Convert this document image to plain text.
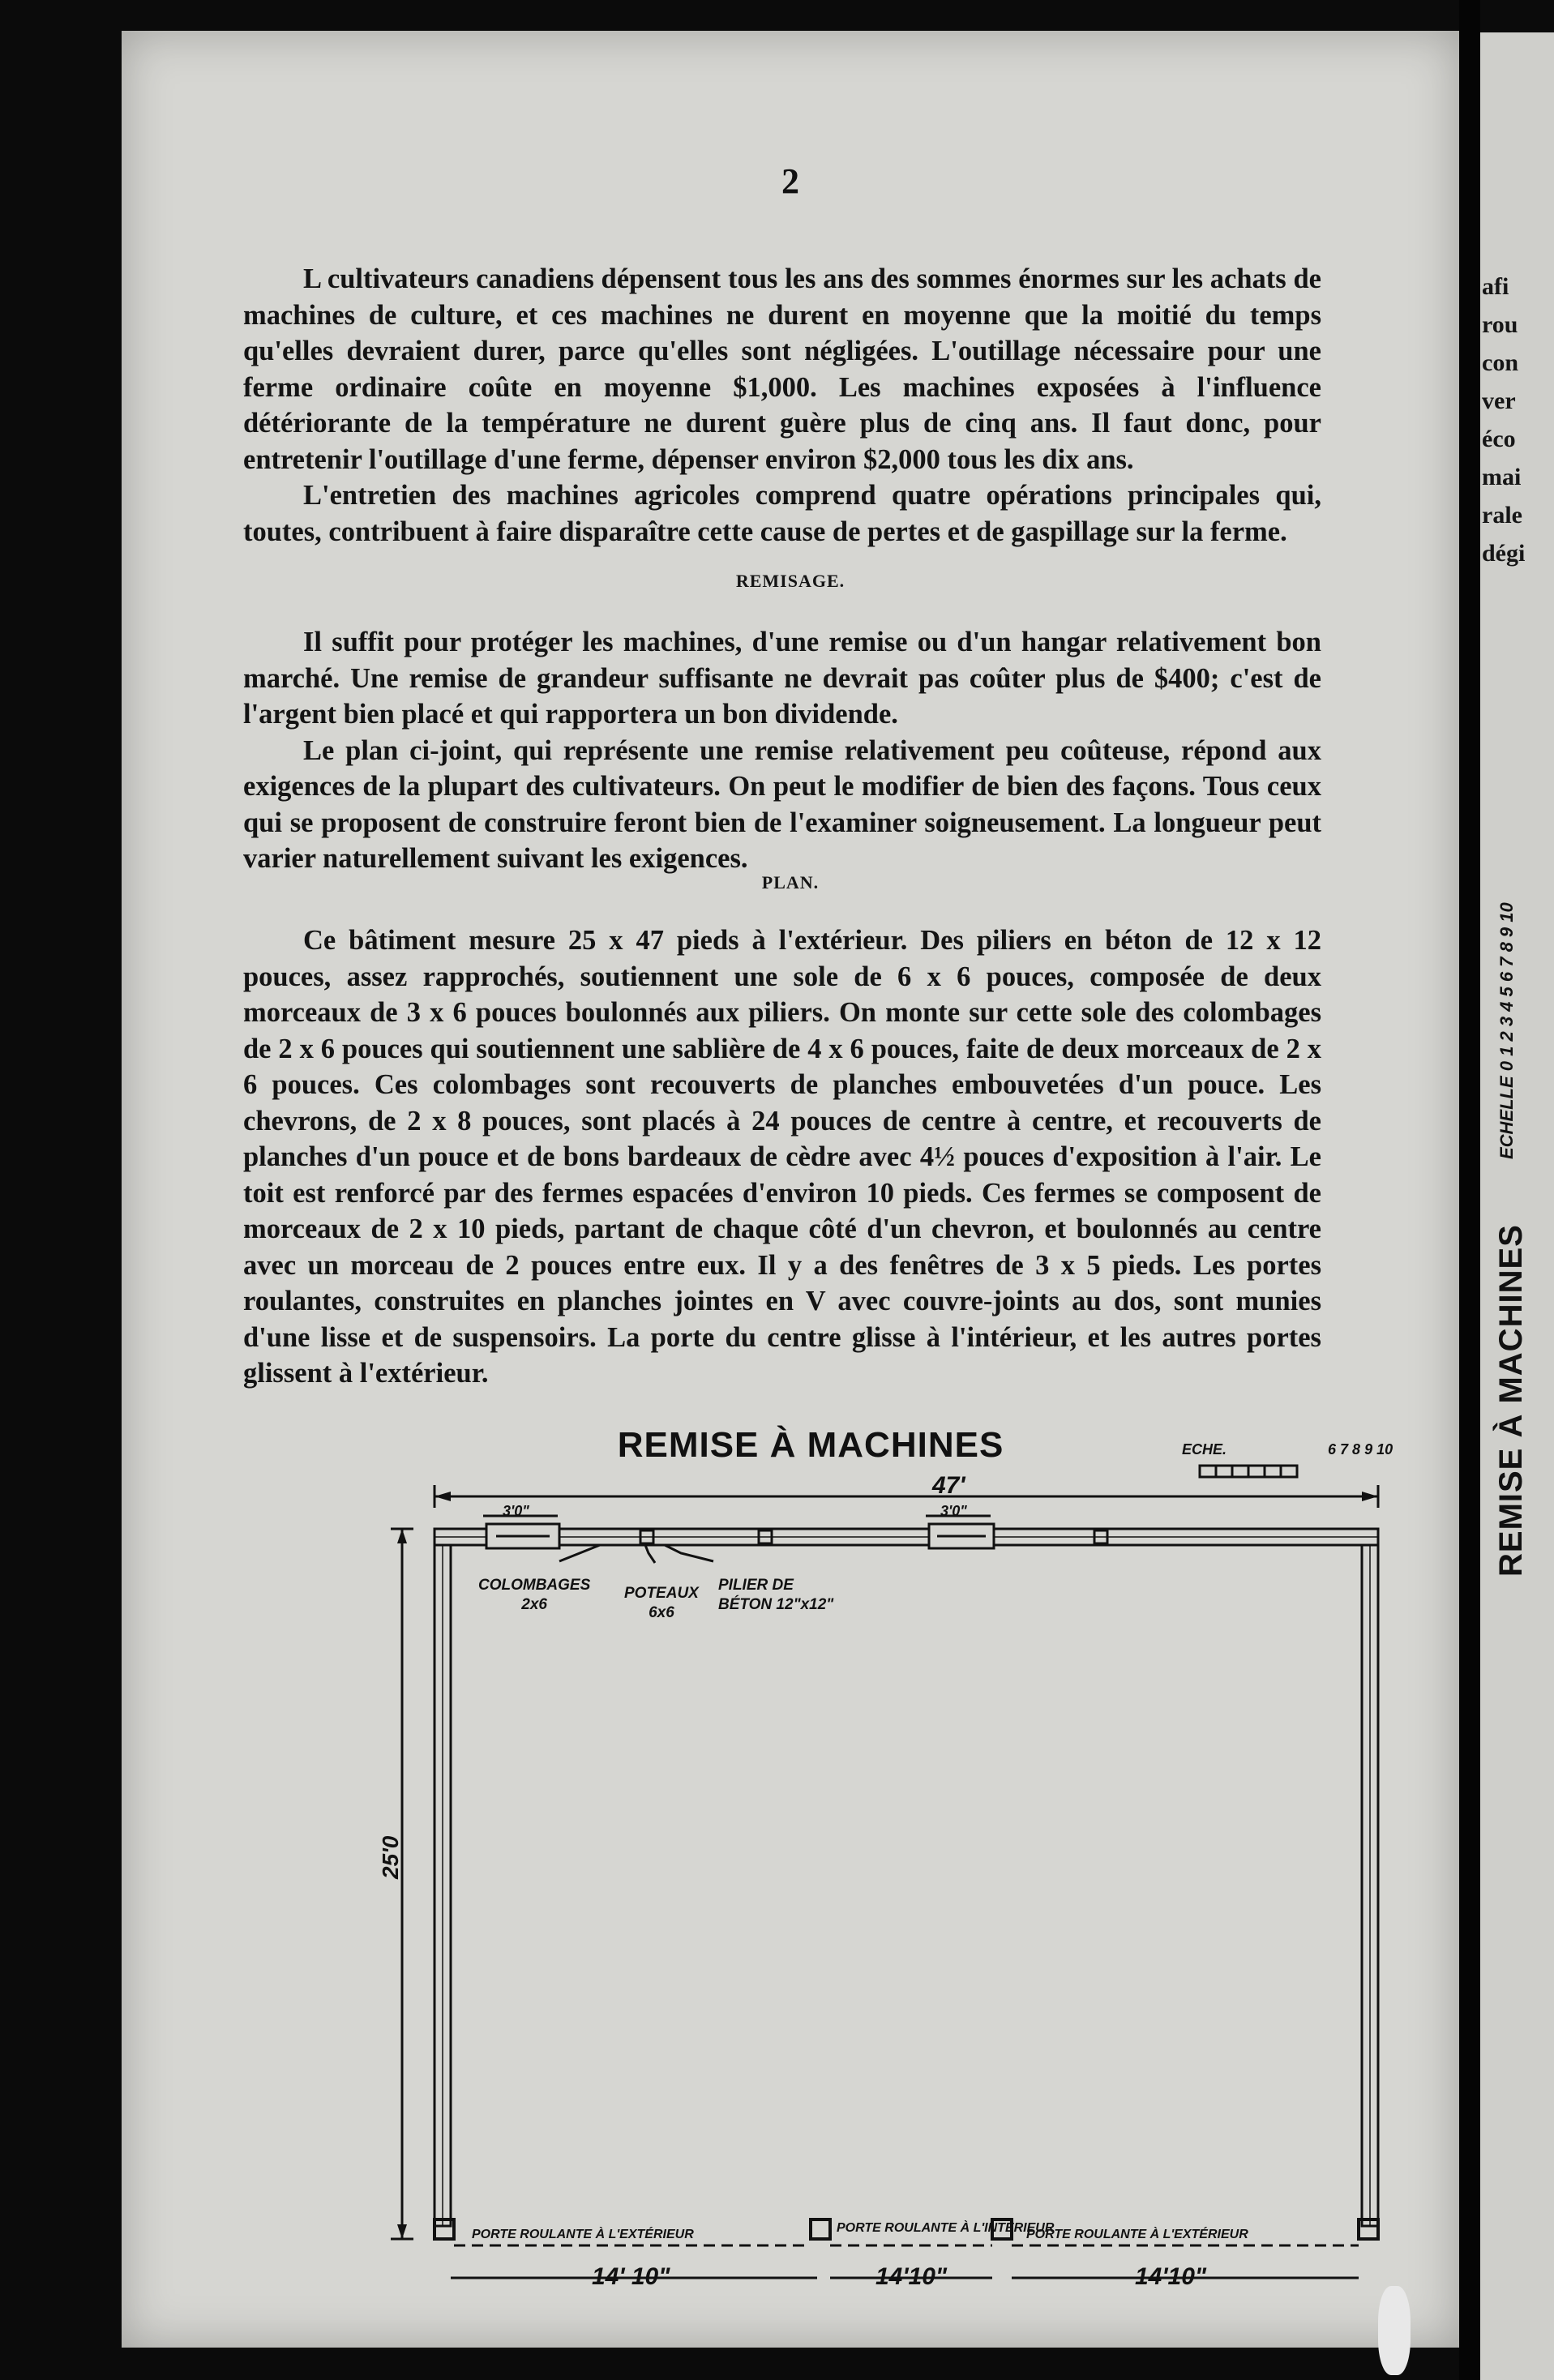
2

L cultivateurs canadiens dépensent tous les ans des sommes énormes sur les achats de machines de culture, et ces machines ne durent en moyenne que la moitié du temps qu'elles devraient durer, parce qu'elles sont négligées. L'outillage nécessaire pour une ferme ordinaire coûte en moyenne $1,000. Les machines exposées à l'influence détériorante de la température ne durent guère plus de cinq ans. Il faut donc, pour entretenir l'outillage d'une ferme, dépenser environ $2,000 tous les dix ans.

L'entretien des machines agricoles comprend quatre opérations principales qui, toutes, contribuent à faire disparaître cette cause de pertes et de gaspillage sur la ferme.

REMISAGE.

Il suffit pour protéger les machines, d'une remise ou d'un hangar relativement bon marché. Une remise de grandeur suffisante ne devrait pas coûter plus de $400; c'est de l'argent bien placé et qui rapportera un bon dividende.

Le plan ci-joint, qui représente une remise relativement peu coûteuse, répond aux exigences de la plupart des cultivateurs. On peut le modifier de bien des façons. Tous ceux qui se proposent de construire feront bien de l'examiner soigneusement. La longueur peut varier naturellement suivant les exigences.

PLAN.

Ce bâtiment mesure 25 x 47 pieds à l'extérieur. Des piliers en béton de 12 x 12 pouces, assez rapprochés, soutiennent une sole de 6 x 6 pouces, composée de deux morceaux de 3 x 6 pouces boulonnés aux piliers. On monte sur cette sole des colombages de 2 x 6 pouces qui soutiennent une sablière de 4 x 6 pouces, faite de deux morceaux de 2 x 6 pouces. Ces colombages sont recouverts de planches embouvetées d'un pouce. Les chevrons, de 2 x 8 pouces, sont placés à 24 pouces de centre à centre, et recouverts de planches d'un pouce et de bons bardeaux de cèdre avec 4½ pouces d'exposition à l'air. Le toit est renforcé par des fermes espacées d'environ 10 pieds. Ces fermes se composent de morceaux de 2 x 10 pieds, partant de chaque côté d'un chevron, et boulonnés au centre avec un morceau de 2 pouces entre eux. Il y a des fenêtres de 3 x 5 pieds. Les portes roulantes, construites en planches jointes en V avec couvre-joints au dos, sont munies d'une lisse et de suspensoirs. La porte du centre glisse à l'intérieur, et les autres portes glissent à l'extérieur.

REMISE À MACHINES	ECHE.	6 7 8 9 10
47'
3'0"	3'0"
25'0
COLOMBAGES
2x6
POTEAUX
6x6
PILIER DE
BÉTON 12"x12"
PORTE ROULANTE À L'EXTÉRIEUR	PORTE ROULANTE À L'INTÉRIEUR
PORTE ROULANTE À L'EXTÉRIEUR
14' 10"	14'10"	14'10"
afi
rou
con
ver
éco
mai
rale
dégi
ECHELLE 0 1 2 3 4 5 6 7 8 9 10
REMISE À MACHINES
